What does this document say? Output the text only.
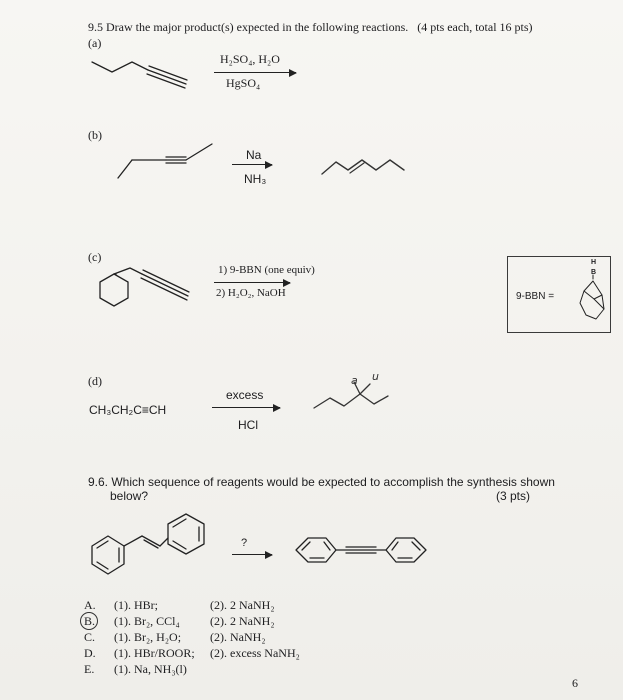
9.5 Draw the major product(s) expected in the following reactions. (4 pts each, total 16 pts)
(a)
H₂SO₄, H₂O
HgSO₄
(b)
Na
NH₃
(c)
1) 9-BBN (one equiv)
2) H₂O₂, NaOH	9-BBN =
H
B
(d)
CH₃CH₂C≡CH
excess
HCl
a u
9.6. Which sequence of reagents would be expected to accomplish the synthesis shown
below?	(3 pts)
?
A. (1). HBr;	(2). 2 NaNH₂
B. (1). Br₂, CCl₄	(2). 2 NaNH₂
C. (1). Br₂, H₂O; (2). NaNH₂
D. (1). HBr/ROOR; (2). excess NaNH₂
E. (1). Na, NH₃(l)
6
